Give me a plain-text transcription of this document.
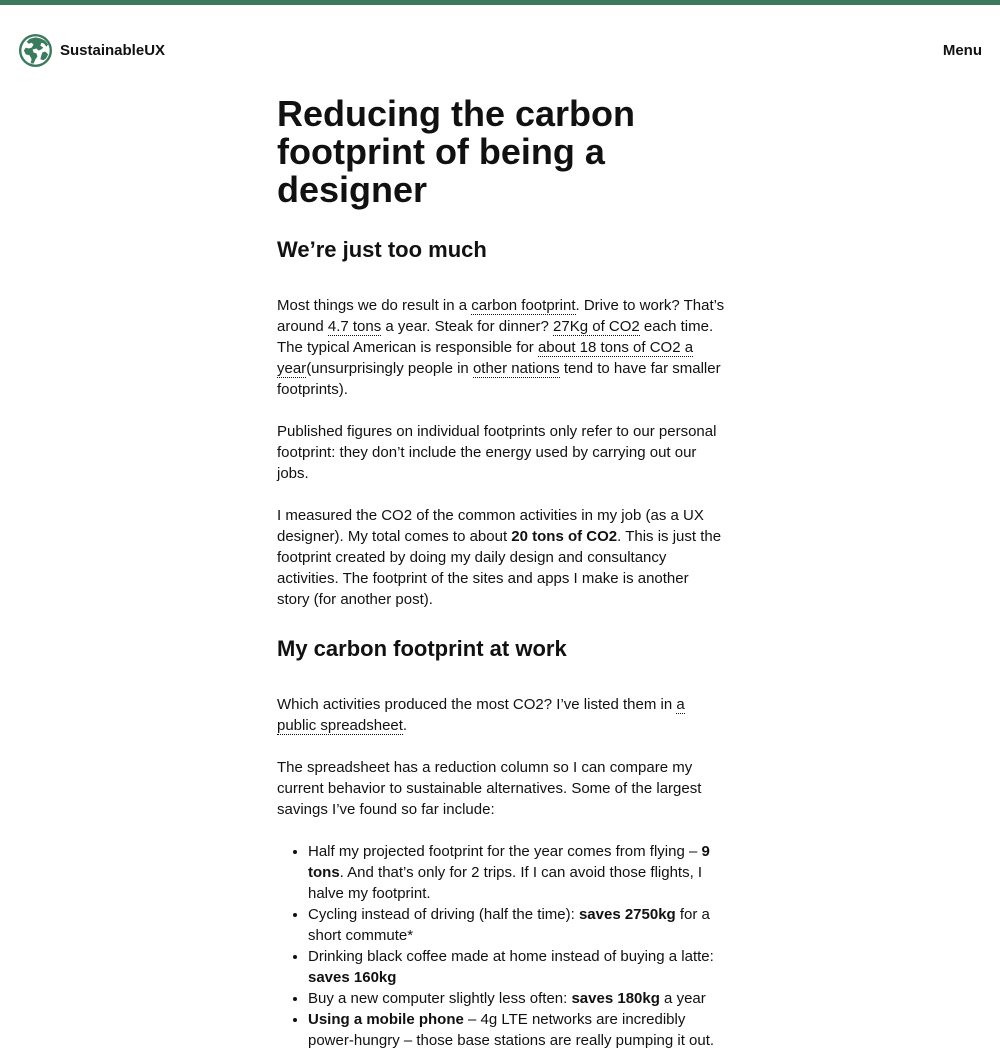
SustainableUX	Menu
Reducing the carbon footprint of being a designer
We’re just too much

Most things we do result in a carbon footprint. Drive to work? That’s around 4.7 tons a year. Steak for dinner? 27Kg of CO2 each time. The typical American is responsible for about 18 tons of CO2 a year(unsurprisingly people in other nations tend to have far smaller footprints).

Published figures on individual footprints only refer to our personal footprint: they don’t include the energy used by carrying out our jobs.

I measured the CO2 of the common activities in my job (as a UX designer). My total comes to about 20 tons of CO2. This is just the footprint created by doing my daily design and consultancy activities. The footprint of the sites and apps I make is another story (for another post).

My carbon footprint at work

Which activities produced the most CO2? I’ve listed them in a public spreadsheet.

The spreadsheet has a reduction column so I can compare my current behavior to sustainable alternatives. Some of the largest savings I’ve found so far include:

• Half my projected footprint for the year comes from flying – 9 tons. And that’s only for 2 trips. If I can avoid those flights, I halve my footprint.
• Cycling instead of driving (half the time): saves 2750kg for a short commute*
• Drinking black coffee made at home instead of buying a latte: saves 160kg
• Buy a new computer slightly less often: saves 180kg a year
• Using a mobile phone – 4g LTE networks are incredibly power-hungry – those base stations are really pumping it out.
